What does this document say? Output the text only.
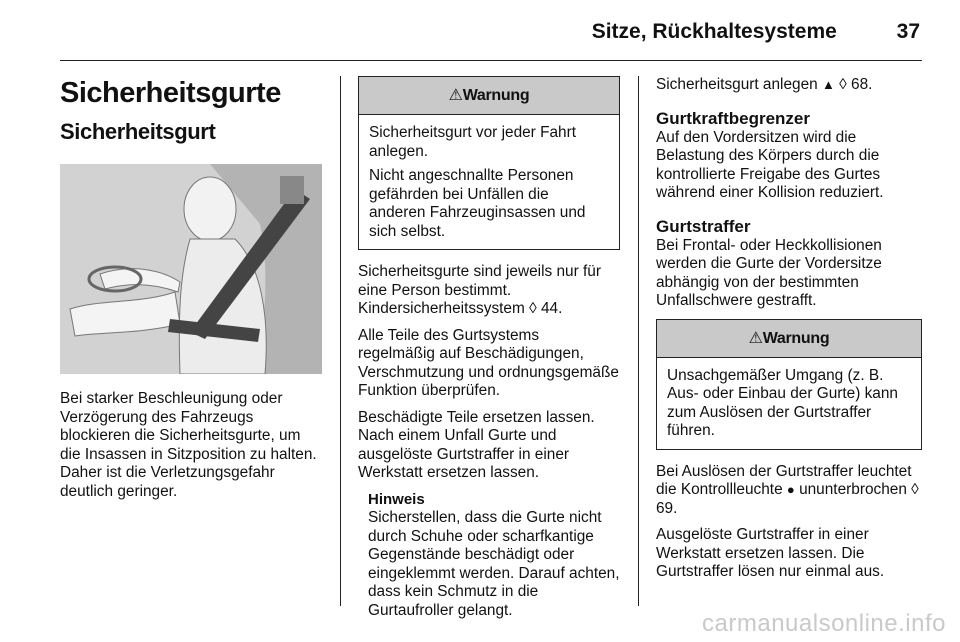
Sitze, Rückhaltesysteme	37
Sicherheitsgurte
Sicherheitsgurt

Bei starker Beschleunigung oder Verzögerung des Fahrzeugs blockieren die Sicherheitsgurte, um die Insassen in Sitzposition zu halten. Daher ist die Verletzungsgefahr deutlich geringer.

⚠Warnung

Sicherheitsgurt vor jeder Fahrt anlegen.

Nicht angeschnallte Personen gefährden bei Unfällen die anderen Fahrzeuginsassen und sich selbst.

Sicherheitsgurte sind jeweils nur für eine Person bestimmt. Kindersicherheitssystem ◊ 44.

Alle Teile des Gurtsystems regelmäßig auf Beschädigungen, Verschmutzung und ordnungsgemäße Funktion überprüfen.

Beschädigte Teile ersetzen lassen. Nach einem Unfall Gurte und ausgelöste Gurtstraffer in einer Werkstatt ersetzen lassen.

Hinweis
Sicherstellen, dass die Gurte nicht durch Schuhe oder scharfkantige Gegenstände beschädigt oder eingeklemmt werden. Darauf achten, dass kein Schmutz in die Gurtaufroller gelangt.

Sicherheitsgurt anlegen ▲ ◊ 68.

Gurtkraftbegrenzer

Auf den Vordersitzen wird die Belastung des Körpers durch die kontrollierte Freigabe des Gurtes während einer Kollision reduziert.

Gurtstraffer

Bei Frontal- oder Heckkollisionen werden die Gurte der Vordersitze abhängig von der bestimmten Unfallschwere gestrafft.

⚠Warnung

Unsachgemäßer Umgang (z. B. Aus- oder Einbau der Gurte) kann zum Auslösen der Gurtstraffer führen.

Bei Auslösen der Gurtstraffer leuchtet die Kontrollleuchte ● ununterbrochen ◊ 69.

Ausgelöste Gurtstraffer in einer Werkstatt ersetzen lassen. Die Gurtstraffer lösen nur einmal aus.

carmanualsonline.info
